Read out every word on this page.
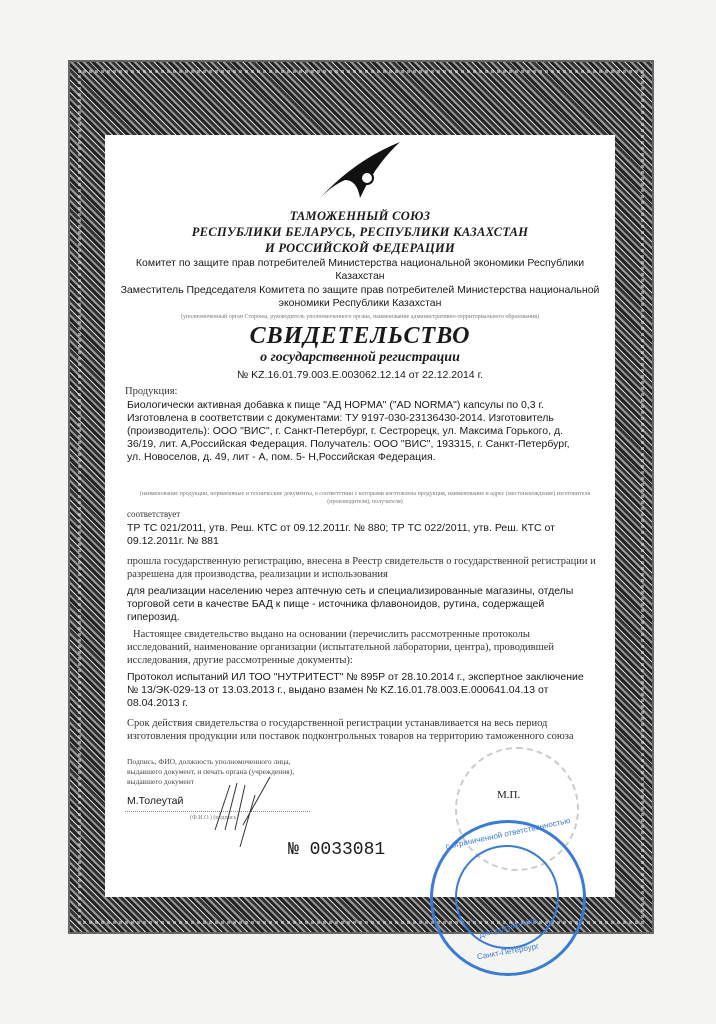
ТАМОЖЕННЫЙ СОЮЗ
РЕСПУБЛИКИ БЕЛАРУСЬ, РЕСПУБЛИКИ КАЗАХСТАН
И РОССИЙСКОЙ ФЕДЕРАЦИИ
Комитет по защите прав потребителей Министерства национальной экономики Республики Казахстан
Заместитель Председателя Комитета по защите прав потребителей Министерства национальной экономики Республики Казахстан
(уполномоченный орган Стороны, руководитель уполномоченного органа, наименование административно-территориального образования)
СВИДЕТЕЛЬСТВО
о государственной регистрации
№ KZ.16.01.79.003.E.003062.12.14 от 22.12.2014 г.
Продукция:
Биологически активная добавка к пище "АД НОРМА" ("AD NORMA") капсулы по 0,3 г. Изготовлена в соответствии с документами: ТУ 9197-030-23136430-2014. Изготовитель (производитель): ООО "ВИС", г. Санкт-Петербург, г. Сестрорецк, ул. Максима Горького, д. 36/19, лит. А,Российская Федерация. Получатель: ООО "ВИС", 193315, г. Санкт-Петербург, ул. Новоселов, д. 49, лит - А, пом. 5- Н,Российская Федерация.
(наименование продукции, нормативные и технические документы, в соответствии с которыми изготовлена продукция, наименование и адрес (местонахождение) изготовителя (производителя), получателя)
соответствует
ТР ТС 021/2011, утв. Реш. КТС от 09.12.2011г. № 880; ТР ТС 022/2011, утв. Реш. КТС от 09.12.2011г. № 881
прошла государственную регистрацию, внесена в Реестр свидетельств о государственной регистрации и разрешена для производства, реализации и использования
для реализации населению через аптечную сеть и специализированные магазины, отделы торговой сети в качестве БАД к пище - источника флавоноидов, рутина, содержащей гиперозид.
Настоящее свидетельство выдано на основании (перечислить рассмотренные протоколы исследований, наименование организации (испытательной лаборатории, центра), проводившей исследования, другие рассмотренные документы):
Протокол испытаний ИЛ ТОО "НУТРИТЕСТ" № 895Р от 28.10.2014 г., экспертное заключение № 13/ЭК-029-13 от 13.03.2013 г., выдано взамен № KZ.16.01.78.003.E.000641.04.13 от 08.04.2013 г.
Срок действия свидетельства о государственной регистрации устанавливается на весь период изготовления продукции или поставок подконтрольных товаров на территорию таможенного союза
Подпись, ФИО, должность уполномоченного лица, выдавшего документ, и печать органа (учреждения), выдавшего документ
М.Толеутай
(Ф.И.О.) (подпись)
М.П.
№ 0033081	с ограниченной ответственностью
для документов
Санкт-Петербург
